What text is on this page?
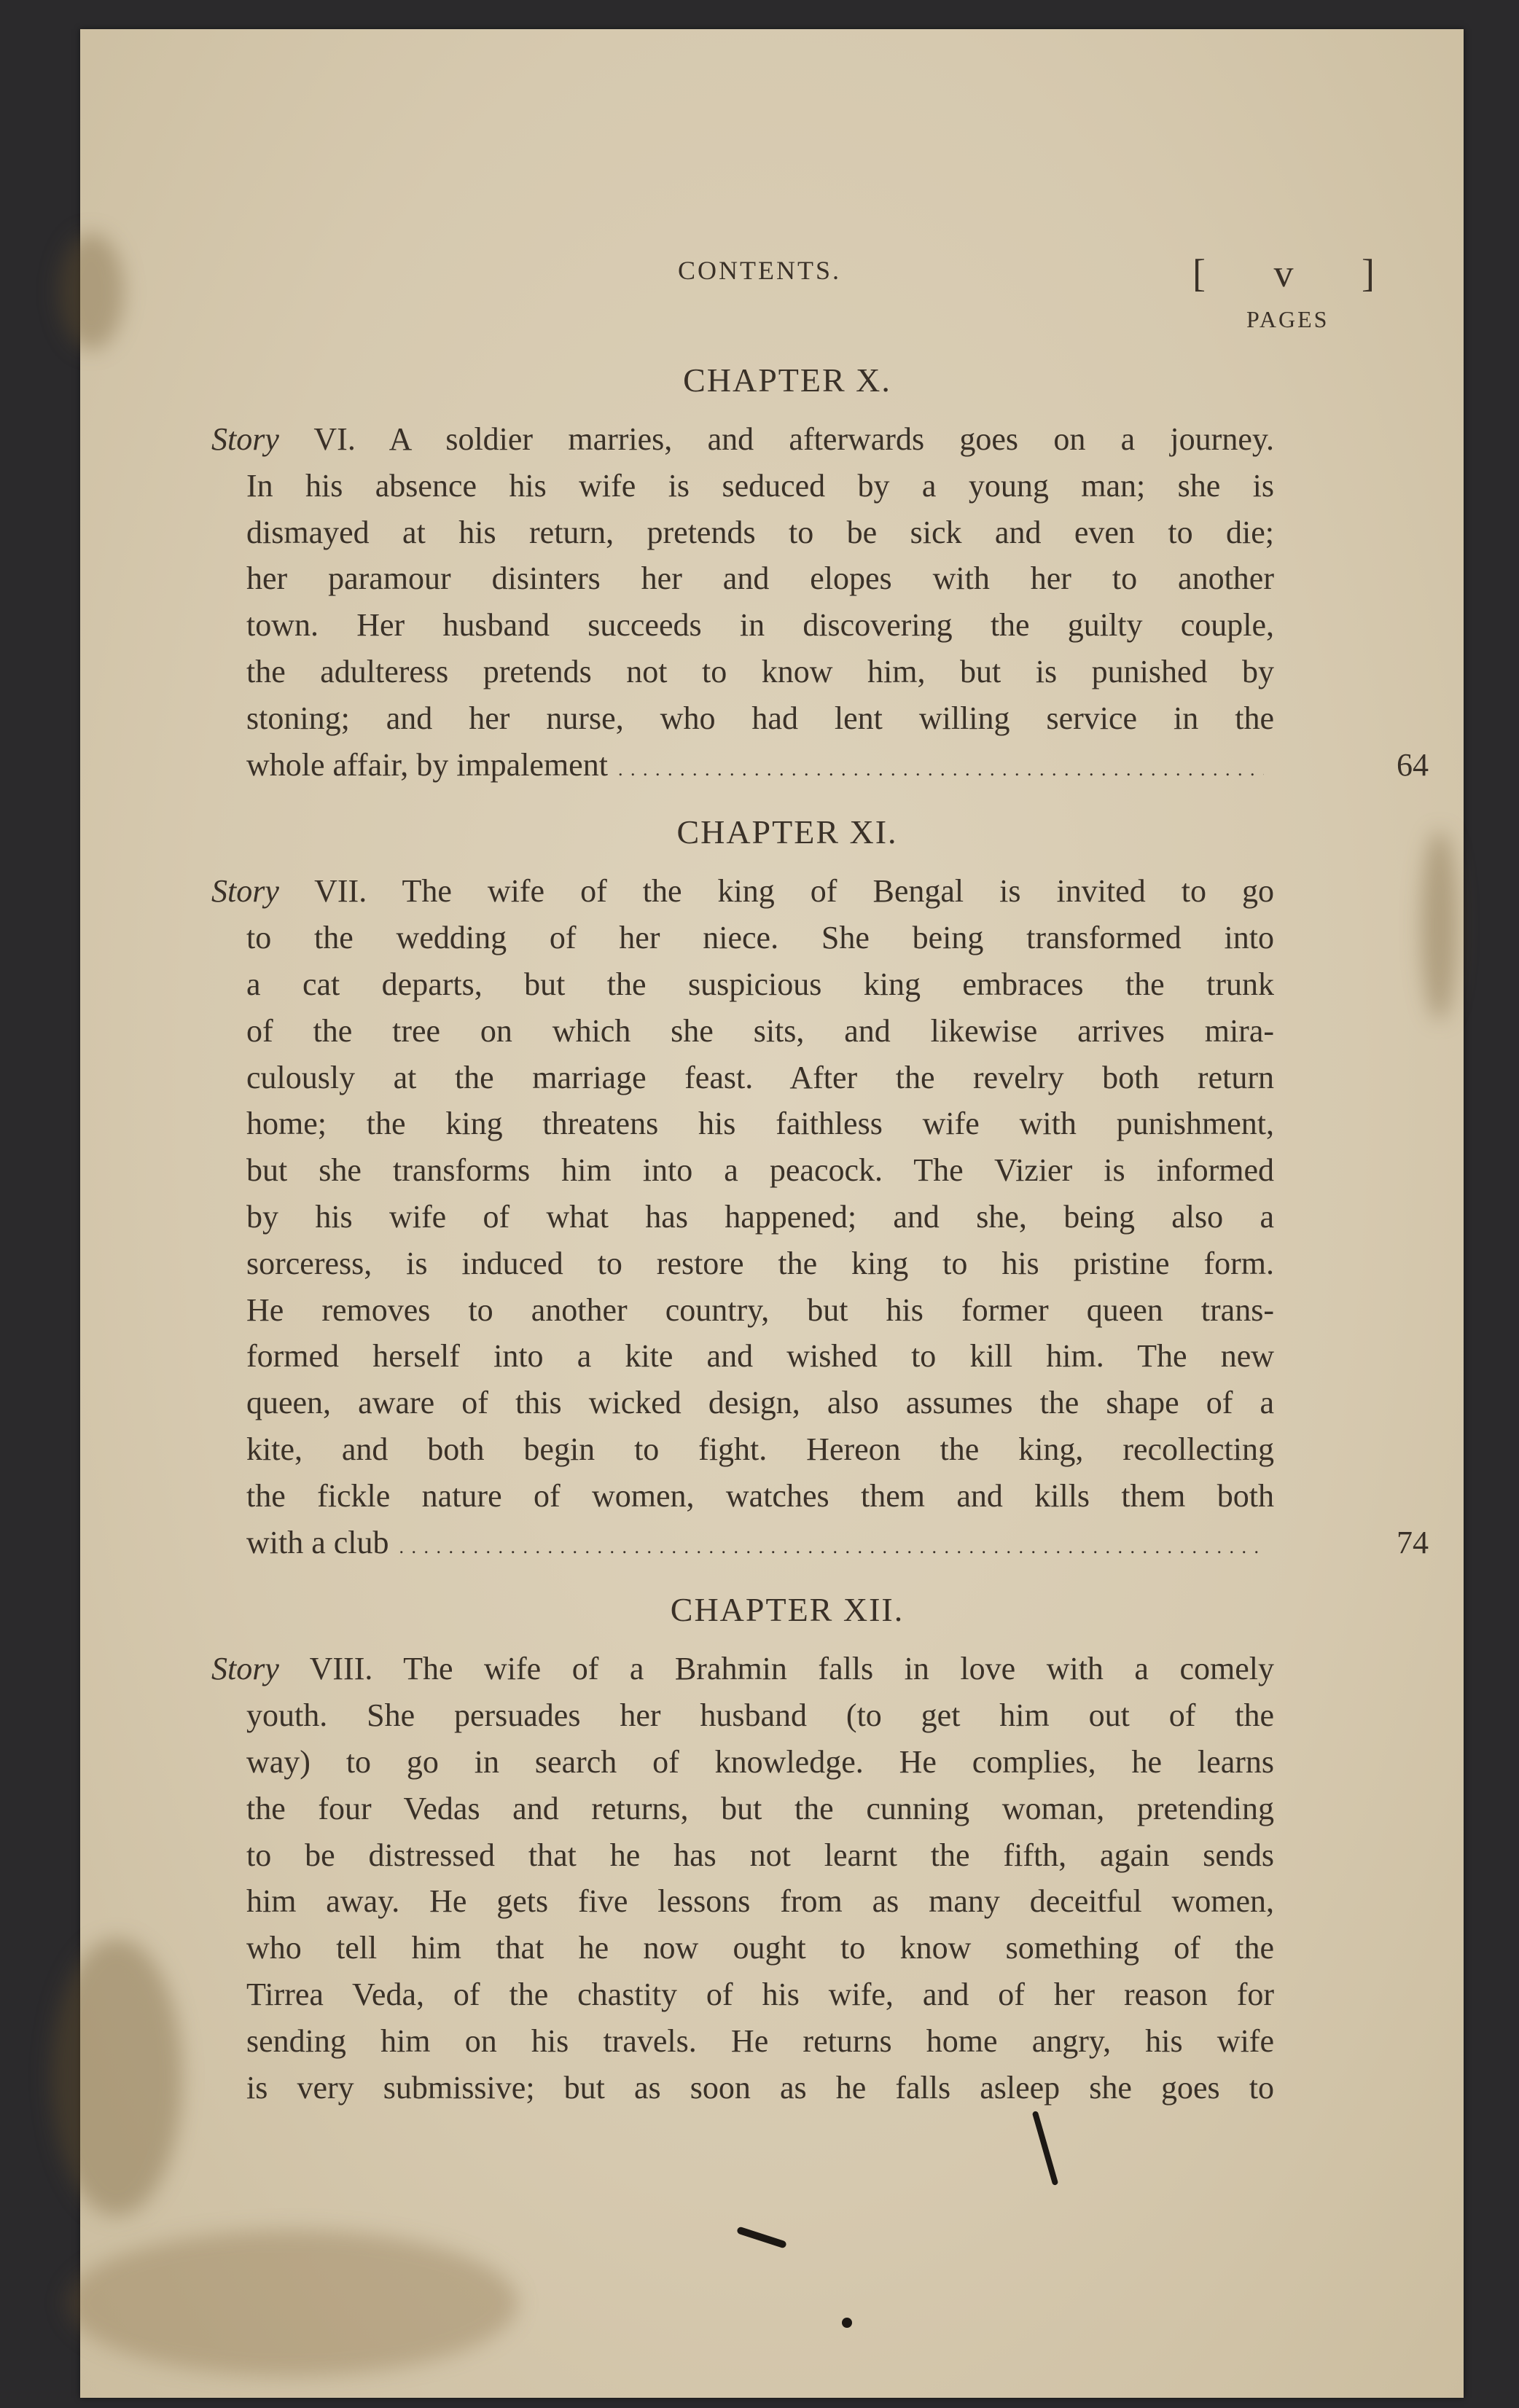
CONTENTS.	[ v ]
PAGES
CHAPTER X.
Story VI. A soldier marries, and afterwards goes on a journey.
In his absence his wife is seduced by a young man; she is
dismayed at his return, pretends to be sick and even to die;
her paramour disinters her and elopes with her to another
town. Her husband succeeds in discovering the guilty couple,
the adulteress pretends not to know him, but is punished by
stoning; and her nurse, who had lent willing service in the
whole affair, by impalement . . .	64
CHAPTER XI.
Story VII. The wife of the king of Bengal is invited to go
to the wedding of her niece. She being transformed into
a cat departs, but the suspicious king embraces the trunk
of the tree on which she sits, and likewise arrives mira-
culously at the marriage feast. After the revelry both return
home; the king threatens his faithless wife with punishment,
but she transforms him into a peacock. The Vizier is informed
by his wife of what has happened; and she, being also a
sorceress, is induced to restore the king to his pristine form.
He removes to another country, but his former queen trans-
formed herself into a kite and wished to kill him. The new
queen, aware of this wicked design, also assumes the shape of a
kite, and both begin to fight. Hereon the king, recollecting
the fickle nature of women, watches them and kills them both
with a club . . .	74
CHAPTER XII.
Story VIII. The wife of a Brahmin falls in love with a comely
youth. She persuades her husband (to get him out of the
way) to go in search of knowledge. He complies, he learns
the four Vedas and returns, but the cunning woman, pretending
to be distressed that he has not learnt the fifth, again sends
him away. He gets five lessons from as many deceitful women,
who tell him that he now ought to know something of the
Tirrea Veda, of the chastity of his wife, and of her reason for
sending him on his travels. He returns home angry, his wife
is very submissive; but as soon as he falls asleep she goes to
